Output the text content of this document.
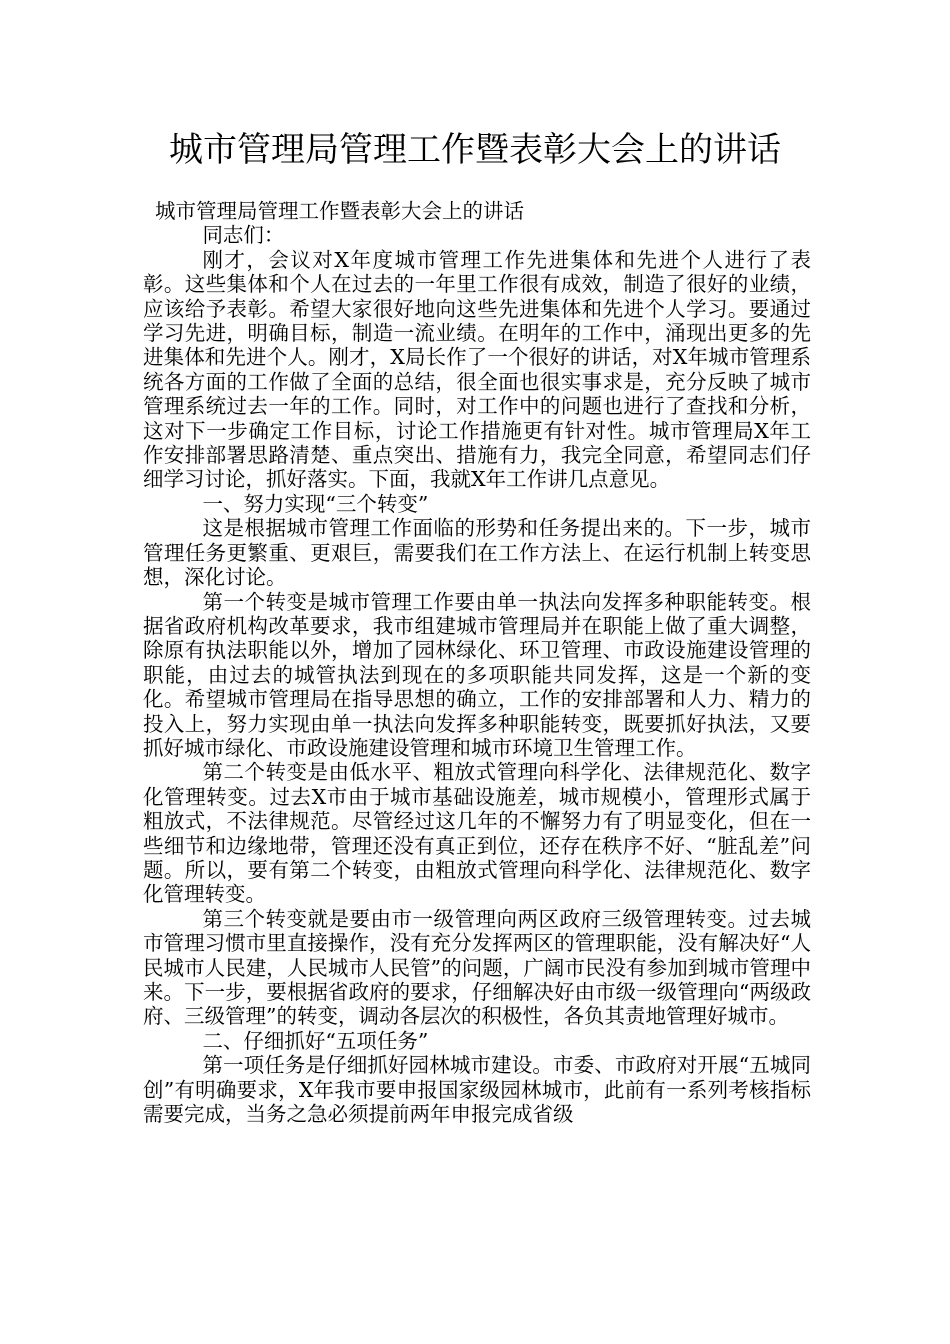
城市管理局管理工作暨表彰大会上的讲话

城市管理局管理工作暨表彰大会上的讲话

同志们：

刚才，会议对X年度城市管理工作先进集体和先进个人进行了表彰。这些集体和个人在过去的一年里工作很有成效，制造了很好的业绩，应该给予表彰。希望大家很好地向这些先进集体和先进个人学习。要通过学习先进，明确目标，制造一流业绩。在明年的工作中，涌现出更多的先进集体和先进个人。刚才，X局长作了一个很好的讲话，对X年城市管理系统各方面的工作做了全面的总结，很全面也很实事求是，充分反映了城市管理系统过去一年的工作。同时，对工作中的问题也进行了查找和分析，这对下一步确定工作目标，讨论工作措施更有针对性。城市管理局X年工作安排部署思路清楚、重点突出、措施有力，我完全同意，希望同志们仔细学习讨论，抓好落实。下面，我就X年工作讲几点意见。

一、努力实现“三个转变”

这是根据城市管理工作面临的形势和任务提出来的。下一步，城市管理任务更繁重、更艰巨，需要我们在工作方法上、在运行机制上转变思想，深化讨论。

第一个转变是城市管理工作要由单一执法向发挥多种职能转变。根据省政府机构改革要求，我市组建城市管理局并在职能上做了重大调整，除原有执法职能以外，增加了园林绿化、环卫管理、市政设施建设管理的职能，由过去的城管执法到现在的多项职能共同发挥，这是一个新的变化。希望城市管理局在指导思想的确立，工作的安排部署和人力、精力的投入上，努力实现由单一执法向发挥多种职能转变，既要抓好执法，又要抓好城市绿化、市政设施建设管理和城市环境卫生管理工作。

第二个转变是由低水平、粗放式管理向科学化、法律规范化、数字化管理转变。过去X市由于城市基础设施差，城市规模小，管理形式属于粗放式，不法律规范。尽管经过这几年的不懈努力有了明显变化，但在一些细节和边缘地带，管理还没有真正到位，还存在秩序不好、“脏乱差”问题。所以，要有第二个转变，由粗放式管理向科学化、法律规范化、数字化管理转变。

第三个转变就是要由市一级管理向两区政府三级管理转变。过去城市管理习惯市里直接操作，没有充分发挥两区的管理职能，没有解决好“人民城市人民建，人民城市人民管”的问题，广阔市民没有参加到城市管理中来。下一步，要根据省政府的要求，仔细解决好由市级一级管理向“两级政府、三级管理”的转变，调动各层次的积极性，各负其责地管理好城市。

二、仔细抓好“五项任务”

第一项任务是仔细抓好园林城市建设。市委、市政府对开展“五城同创”有明确要求，X年我市要申报国家级园林城市，此前有一系列考核指标需要完成，当务之急必须提前两年申报完成省级
